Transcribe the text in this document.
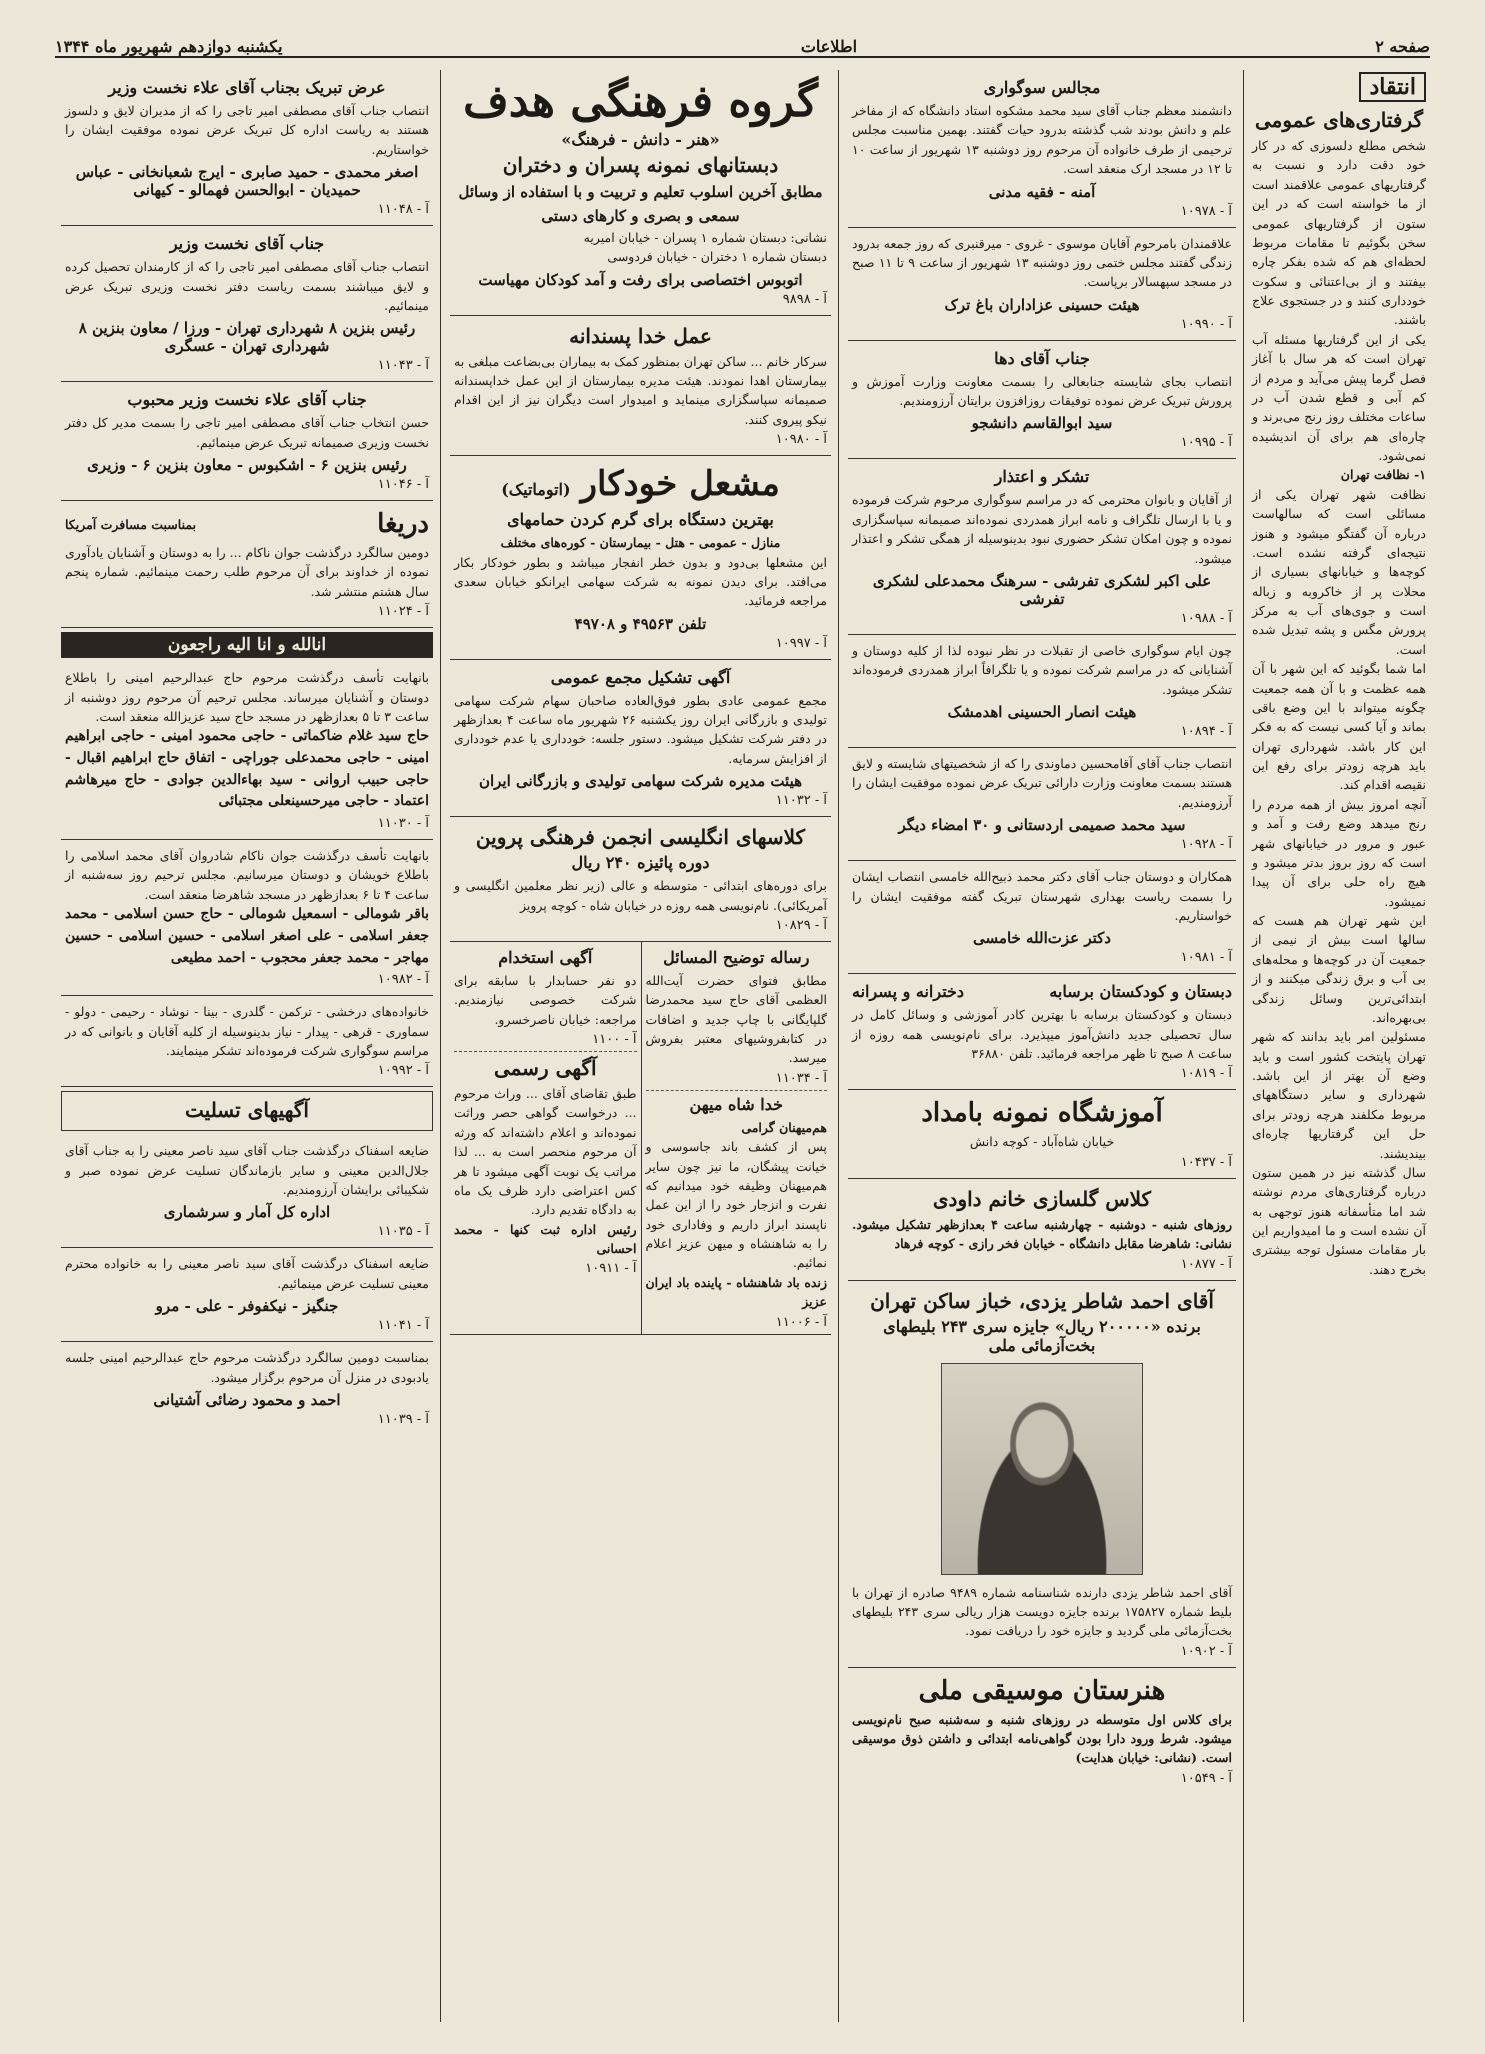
صفحه ۲
اطلاعات
یکشنبه دوازدهم شهریور ماه ۱۳۴۴
انتقاد
گرفتاری‌های عمومی
شخص مطلع دلسوزی که در کار خود دقت دارد و نسبت به گرفتاریهای عمومی علاقمند است از ما خواسته است که در این ستون از گرفتاریهای عمومی سخن بگوئیم تا مقامات مربوط لحظه‌ای هم که شده بفکر چاره بیفتند و از بی‌اعتنائی و سکوت خودداری کنند و در جستجوی علاج باشند.
یکی از این گرفتاریها مسئله آب تهران است که هر سال با آغاز فصل گرما پیش می‌آید و مردم از کم آبی و قطع شدن آب در ساعات مختلف روز رنج می‌برند و چاره‌ای هم برای آن اندیشیده نمی‌شود.
۱- نظافت تهران
نظافت شهر تهران یکی از مسائلی است که سالهاست درباره آن گفتگو میشود و هنوز نتیجه‌ای گرفته نشده است. کوچه‌ها و خیابانهای بسیاری از محلات پر از خاکروبه و زباله است و جوی‌های آب به مرکز پرورش مگس و پشه تبدیل شده است.
اما شما بگوئید که این شهر با آن همه عظمت و با آن همه جمعیت چگونه میتواند با این وضع باقی بماند و آیا کسی نیست که به فکر این کار باشد. شهرداری تهران باید هرچه زودتر برای رفع این نقیصه اقدام کند.
آنچه امروز بیش از همه مردم را رنج میدهد وضع رفت و آمد و عبور و مرور در خیابانهای شهر است که روز بروز بدتر میشود و هیچ راه حلی برای آن پیدا نمیشود.
این شهر تهران هم هست که سالها است بیش از نیمی از جمعیت آن در کوچه‌ها و محله‌های بی آب و برق زندگی میکنند و از ابتدائی‌ترین وسائل زندگی بی‌بهره‌اند.
مسئولین امر باید بدانند که شهر تهران پایتخت کشور است و باید وضع آن بهتر از این باشد. شهرداری و سایر دستگاههای مربوط مکلفند هرچه زودتر برای حل این گرفتاریها چاره‌ای بیندیشند.
سال گذشته نیز در همین ستون درباره گرفتاری‌های مردم نوشته شد اما متأسفانه هنوز توجهی به آن نشده است و ما امیدواریم این بار مقامات مسئول توجه بیشتری بخرج دهند.
مجالس سوگواری
دانشمند معظم جناب آقای سید محمد مشکوه استاد دانشگاه که از مفاخر علم و دانش بودند شب گذشته بدرود حیات گفتند. بهمین مناسبت مجلس ترحیمی از طرف خانواده آن مرحوم روز دوشنبه ۱۳ شهریور از ساعت ۱۰ تا ۱۲ در مسجد ارک منعقد است.
آمنه - فقیه مدنی
آ - ۱۰۹۷۸
علاقمندان بامرحوم آقایان موسوی - غروی - میرقنبری که روز جمعه بدرود زندگی گفتند مجلس ختمی روز دوشنبه ۱۳ شهریور از ساعت ۹ تا ۱۱ صبح در مسجد سپهسالار برپاست.
هیئت حسینی عزاداران باغ ترک
آ - ۱۰۹۹۰
جناب آقای دها
انتصاب بجای شایسته جنابعالی را بسمت معاونت وزارت آموزش و پرورش تبریک عرض نموده توفیقات روزافزون برایتان آرزومندیم.
سید ابوالقاسم دانشجو
آ - ۱۰۹۹۵
تشکر و اعتذار
از آقایان و بانوان محترمی که در مراسم سوگواری مرحوم شرکت فرموده و یا با ارسال تلگراف و نامه ابراز همدردی نموده‌اند صمیمانه سپاسگزاری نموده و چون امکان تشکر حضوری نبود بدینوسیله از همگی تشکر و اعتذار میشود.
علی اکبر لشکری تفرشی - سرهنگ محمدعلی لشکری تفرشی
آ - ۱۰۹۸۸
چون ایام سوگواری خاصی از تقبلات در نظر نبوده لذا از کلیه دوستان و آشنایانی که در مراسم شرکت نموده و یا تلگرافاً ابراز همدردی فرموده‌اند تشکر میشود.
هیئت انصار الحسینی اهدمشک
آ - ۱۰۸۹۴
انتصاب جناب آقای آقامحسین دماوندی را که از شخصیتهای شایسته و لایق هستند بسمت معاونت وزارت دارائی تبریک عرض نموده موفقیت ایشان را آرزومندیم.
سید محمد صمیمی اردستانی و ۳۰ امضاء دیگر
آ - ۱۰۹۲۸
همکاران و دوستان جناب آقای دکتر محمد ذبیح‌الله خامسی انتصاب ایشان را بسمت ریاست بهداری شهرستان تبریک گفته موفقیت ایشان را خواستاریم.
دکتر عزت‌الله خامسی
آ - ۱۰۹۸۱
دبستان و کودکستان برسابه
دخترانه و پسرانه
دبستان و کودکستان برسابه با بهترین کادر آموزشی و وسائل کامل در سال تحصیلی جدید دانش‌آموز میپذیرد. برای نام‌نویسی همه روزه از ساعت ۸ صبح تا ظهر مراجعه فرمائید. تلفن ۳۶۸۸۰
آ - ۱۰۸۱۹
آموزشگاه نمونه بامداد
خیابان شاه‌آباد - کوچه دانش
آ - ۱۰۴۳۷
کلاس گلسازی خانم داودی
روزهای شنبه - دوشنبه - چهارشنبه ساعت ۴ بعدازظهر تشکیل میشود. نشانی: شاهرضا مقابل دانشگاه - خیابان فخر رازی - کوچه فرهاد
آ - ۱۰۸۷۷
آقای احمد شاطر یزدی، خباز ساکن تهران
برنده «۲۰۰۰۰۰ ریال» جایزه سری ۲۴۳ بلیطهای بخت‌آزمائی ملی
آقای احمد شاطر یزدی دارنده شناسنامه شماره ۹۴۸۹ صادره از تهران با بلیط شماره ۱۷۵۸۲۷ برنده جایزه دویست هزار ریالی سری ۲۴۳ بلیطهای بخت‌آزمائی ملی گردید و جایزه خود را دریافت نمود.
آ - ۱۰۹۰۲
هنرستان موسیقی ملی
برای کلاس اول متوسطه در روزهای شنبه و سه‌شنبه صبح نام‌نویسی میشود. شرط ورود دارا بودن گواهی‌نامه ابتدائی و داشتن ذوق موسیقی است. (نشانی: خیابان هدایت)
آ - ۱۰۵۴۹
گروه فرهنگی هدف
«هنر - دانش - فرهنگ»
دبستانهای نمونه پسران و دختران
مطابق آخرین اسلوب تعلیم و تربیت و با استفاده از وسائل سمعی و بصری و کارهای دستی
نشانی: دبستان شماره ۱ پسران - خیابان امیریه
دبستان شماره ۱ دختران - خیابان فردوسی
اتوبوس اختصاصی برای رفت و آمد کودکان مهیاست
آ - ۹۸۹۸
عمل خدا پسندانه
سرکار خانم ... ساکن تهران بمنظور کمک به بیماران بی‌بضاعت مبلغی به بیمارستان اهدا نمودند. هیئت مدیره بیمارستان از این عمل خداپسندانه صمیمانه سپاسگزاری مینماید و امیدوار است دیگران نیز از این اقدام نیکو پیروی کنند.
آ - ۱۰۹۸۰
مشعل خودکار
(اتوماتیک)
بهترین دستگاه برای گرم کردن حمامهای
منازل - عمومی - هتل - بیمارستان - کوره‌های مختلف
این مشعلها بی‌دود و بدون خطر انفجار میباشد و بطور خودکار بکار می‌افتد. برای دیدن نمونه به شرکت سهامی ایرانکو خیابان سعدی مراجعه فرمائید.
تلفن ۴۹۵۶۳ و ۴۹۷۰۸
آ - ۱۰۹۹۷
آگهی تشکیل مجمع عمومی
مجمع عمومی عادی بطور فوق‌العاده صاحبان سهام شرکت سهامی تولیدی و بازرگانی ایران روز یکشنبه ۲۶ شهریور ماه ساعت ۴ بعدازظهر در دفتر شرکت تشکیل میشود. دستور جلسه: خودداری یا عدم خودداری از افزایش سرمایه.
هیئت مدیره شرکت سهامی تولیدی و بازرگانی ایران
آ - ۱۱۰۳۲
کلاسهای انگلیسی انجمن فرهنگی پروین
دوره پائیزه ۲۴۰ ریال
برای دوره‌های ابتدائی - متوسطه و عالی (زیر نظر معلمین انگلیسی و آمریکائی). نام‌نویسی همه روزه در خیابان شاه - کوچه پرویز
آ - ۱۰۸۲۹
رساله توضیح المسائل
مطابق فتوای حضرت آیت‌الله العظمی آقای حاج سید محمدرضا گلپایگانی با چاپ جدید و اضافات در کتابفروشیهای معتبر بفروش میرسد.
آ - ۱۱۰۳۴
خدا شاه میهن
هم‌میهنان گرامی
پس از کشف باند جاسوسی و خیانت پیشگان، ما نیز چون سایر هم‌میهنان وظیفه خود میدانیم که نفرت و انزجار خود را از این عمل ناپسند ابراز داریم و وفاداری خود را به شاهنشاه و میهن عزیز اعلام نمائیم.
زنده باد شاهنشاه - پاینده باد ایران عزیز
آ - ۱۱۰۰۶
آگهی استخدام
دو نفر حسابدار با سابقه برای شرکت خصوصی نیازمندیم. مراجعه: خیابان ناصرخسرو.
آ - ۱۱۰۰
آگهی رسمی
طبق تقاضای آقای ... وراث مرحوم ... درخواست گواهی حصر وراثت نموده‌اند و اعلام داشته‌اند که ورثه آن مرحوم منحصر است به ... لذا مراتب یک نوبت آگهی میشود تا هر کس اعتراضی دارد ظرف یک ماه به دادگاه تقدیم دارد.
رئیس اداره ثبت کنها - محمد احسانی
آ - ۱۰۹۱۱
عرض تبریک بجناب آقای علاء نخست وزیر
انتصاب جناب آقای مصطفی امیر تاجی را که از مدیران لایق و دلسوز هستند به ریاست اداره کل تبریک عرض نموده موفقیت ایشان را خواستاریم.
اصغر محمدی - حمید صابری - ایرج شعبانخانی - عباس حمیدیان - ابوالحسن فهمالو - کیهانی
آ - ۱۱۰۴۸
جناب آقای نخست وزیر
انتصاب جناب آقای مصطفی امیر تاجی را که از کارمندان تحصیل کرده و لایق میباشند بسمت ریاست دفتر نخست وزیری تبریک عرض مینمائیم.
رئیس بنزین ۸ شهرداری تهران - ورزا / معاون بنزین ۸ شهرداری تهران - عسگری
آ - ۱۱۰۴۳
جناب آقای علاء نخست وزیر محبوب
حسن انتخاب جناب آقای مصطفی امیر تاجی را بسمت مدیر کل دفتر نخست وزیری صمیمانه تبریک عرض مینمائیم.
رئیس بنزین ۶ - اشکبوس - معاون بنزین ۶ - وزیری
آ - ۱۱۰۴۶
دریغا
بمناسبت مسافرت آمریکا
دومین سالگرد درگذشت جوان ناکام ... را به دوستان و آشنایان یادآوری نموده از خداوند برای آن مرحوم طلب رحمت مینمائیم. شماره پنجم سال هشتم منتشر شد.
آ - ۱۱۰۲۴
انالله و انا الیه راجعون
بانهایت تأسف درگذشت مرحوم حاج عبدالرحیم امینی را باطلاع دوستان و آشنایان میرساند. مجلس ترحیم آن مرحوم روز دوشنبه از ساعت ۳ تا ۵ بعدازظهر در مسجد حاج سید عزیزالله منعقد است.
حاج سید غلام ضاکماتی - حاجی محمود امینی - حاجی ابراهیم امینی - حاجی محمدعلی جوراچی - اتفاق حاج ابراهیم اقبال - حاجی حبیب اروانی - سید بهاءالدین جوادی - حاج میرهاشم اعتماد - حاجی میرحسینعلی مجتبائی
آ - ۱۱۰۳۰
بانهایت تأسف درگذشت جوان ناکام شادروان آقای محمد اسلامی را باطلاع خویشان و دوستان میرسانیم. مجلس ترحیم روز سه‌شنبه از ساعت ۴ تا ۶ بعدازظهر در مسجد شاهرضا منعقد است.
باقر شومالی - اسمعیل شومالی - حاج حسن اسلامی - محمد جعفر اسلامی - علی اصغر اسلامی - حسین اسلامی - حسین مهاجر - محمد جعفر محجوب - احمد مطیعی
آ - ۱۰۹۸۲
خانواده‌های درخشی - ترکمن - گلدری - بینا - نوشاد - رحیمی - دولو - سماوری - قرهی - پیدار - نیاز بدینوسیله از کلیه آقایان و بانوانی که در مراسم سوگواری شرکت فرموده‌اند تشکر مینمایند.
آ - ۱۰۹۹۲
آگهیهای تسلیت
ضایعه اسفناک درگذشت جناب آقای سید ناصر معینی را به جناب آقای جلال‌الدین معینی و سایر بازماندگان تسلیت عرض نموده صبر و شکیبائی برایشان آرزومندیم.
اداره کل آمار و سرشماری
آ - ۱۱۰۳۵
ضایعه اسفناک درگذشت آقای سید ناصر معینی را به خانواده محترم معینی تسلیت عرض مینمائیم.
جنگیز - نیکفوفر - علی - مرو
آ - ۱۱۰۴۱
بمناسبت دومین سالگرد درگذشت مرحوم حاج عبدالرحیم امینی جلسه یادبودی در منزل آن مرحوم برگزار میشود.
احمد و محمود رضائی آشتیانی
آ - ۱۱۰۳۹
